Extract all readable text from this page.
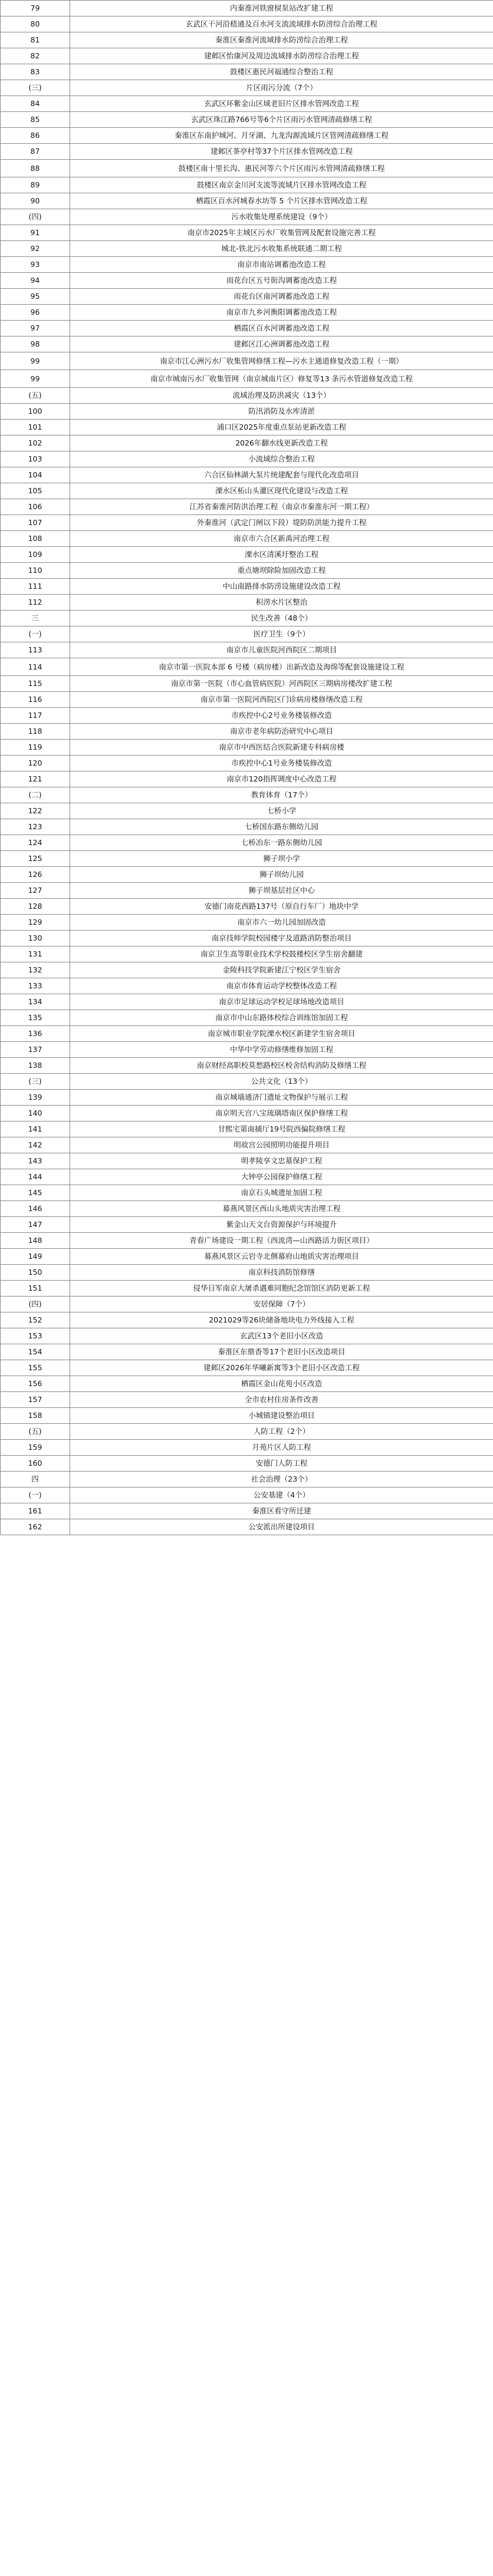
79	内秦淮河铁窗棂泵站改扩建工程
80	玄武区干河沿嵇通及百水河支流流域排水防涝综合治理工程
81	秦淮区秦淮河流域排水防涝综合治理工程
82	建邺区怡康河及周边流域排水防涝综合治理工程
83	鼓楼区惠民河福通综合整治工程
(三)	片区雨污分流（7个）
84	玄武区环紫金山区域老旧片区排水管网改造工程
85	玄武区珠江路766号等6个片区雨污水管网清疏修缮工程
86	秦淮区东南护城河、月牙湖、九龙沟源流域片区管网清疏修缮工程
87	建邺区茶亭村等37个片区排水管网改造工程
88	鼓楼区南十里长沟、惠民河等六个片区雨污水管网清疏修缮工程
89	鼓楼区南京金川河支流等流域片区排水管网改造工程
90	栖霞区百水河城春水坊等 5 个片区排水管网改造工程
(四)	污水收集处理系统建设（9个）
91	南京市2025年主城区污水厂收集管网及配套设施完善工程
92	城北-铁北污水收集系统联通二期工程
93	南京市南站调蓄池改造工程
94	雨花台区五号街沟调蓄池改造工程
95	雨花台区南河调蓄池改造工程
96	南京市九乡河衡阳调蓄池改造工程
97	栖霞区百水河调蓄池改造工程
98	建邺区江心洲调蓄池改造工程
99	南京市江心洲污水厂收集管网修缮工程—污水主通道修复改造工程（一期）
99	南京市城南污水厂收集管网（南京城南片区）修复等13 条污水管道修复改造工程
(五)	流域治理及防洪减灾（13个）
100	防汛消防及水库清淤
101	浦口区2025年度重点泵站更新改造工程
102	2026年翻水线更新改造工程
103	小流域综合整治工程
104	六合区仙林湖大泵片统建配套与现代化改造项目
105	溧水区柘山头灌区现代化建设与改造工程
106	江苏省秦淮河防洪治理工程（南京市秦淮东河一期工程）
107	外秦淮河（武定门闸以下段）堤防防洪能力提升工程
108	南京市六合区新禹河治理工程
109	溧水区清溪圩整治工程
110	重点塘坝除险加固改造工程
111	中山南路排水防涝设施建设改造工程
112	积涝水片区整治
三	民生改善（48个）
(一)	医疗卫生（9个）
113	南京市儿童医院河西院区二期项目
114	南京市第一医院本部 6 号楼（病房楼）出新改造及海绵等配套设施建设工程
115	南京市第一医院（市心血管病医院）河西院区三期病房楼改扩建工程
116	南京市第一医院河西院区门诊病房楼修缮改造工程
117	市疾控中心2号业务楼装修改造
118	南京市老年病防治研究中心项目
119	南京市中西医结合医院新建专科病房楼
120	市疾控中心1号业务楼装修改造
121	南京市120指挥调度中心改造工程
(二)	教育体育（17个）
122	七桥小学
123	七桥国东路东侧幼儿园
124	七桥冶东一路东侧幼儿园
125	狮子坝小学
126	狮子坝幼儿园
127	狮子坝基层社区中心
128	安德门南花西路137号（原自行车厂）地块中学
129	南京市六一幼儿园加固改造
130	南京技师学院校园楼宇及道路消防整治项目
131	南京卫生高等职业技术学校鼓楼校区学生宿舍翻建
132	金陵科技学院新建江宁校区学生宿舍
133	南京市体育运动学校整体改造工程
134	南京市足球运动学校足球场地改造项目
135	南京市中山东路体校综合训练馆加固工程
136	南京城市职业学院溧水校区新建学生宿舍项目
137	中华中学劳动修缮维修加固工程
138	南京财经高职校莫愁路校区校舍结构消防及修缮工程
(三)	公共文化（13个）
139	南京城墙通济门遗址文物保护与展示工程
140	南京明天宫八宝琉璃塔南区保护修缮工程
141	甘熙宅第南捕厅19号院西偏院修缮工程
142	明故宫公园照明功能提升项目
143	明孝陵享文忠墓保护工程
144	大钟亭公园保护修缮工程
145	南京石头城遗址加固工程
146	幕燕风景区西山头地质灾害治理工程
147	紫金山天文台资源保护与环境提升
148	青春广场建设一期工程（西流湾—山西路活力街区项目）
149	幕燕风景区云岩寺北侧幕府山地质灾害治理项目
150	南京科技消防馆修缮
151	侵华日军南京大屠杀遇难同胞纪念馆馆区消防更新工程
(四)	安居保障（7个）
152	2021029等26块储备地块电力外线接入工程
153	玄武区13个老旧小区改造
154	秦淮区东鼎香等17个老旧小区改造项目
155	建邺区2026年华曦新寓等3个老旧小区改造工程
156	栖霞区金山花苑小区改造
157	全市农村住房条件改善
158	小城镇建设整治项目
(五)	人防工程（2个）
159	月苑片区人防工程
160	安德门人防工程
四	社会治理（23个）
(一)	公安基建（4个）
161	秦淮区看守所迁建
162	公安派出所建设项目
